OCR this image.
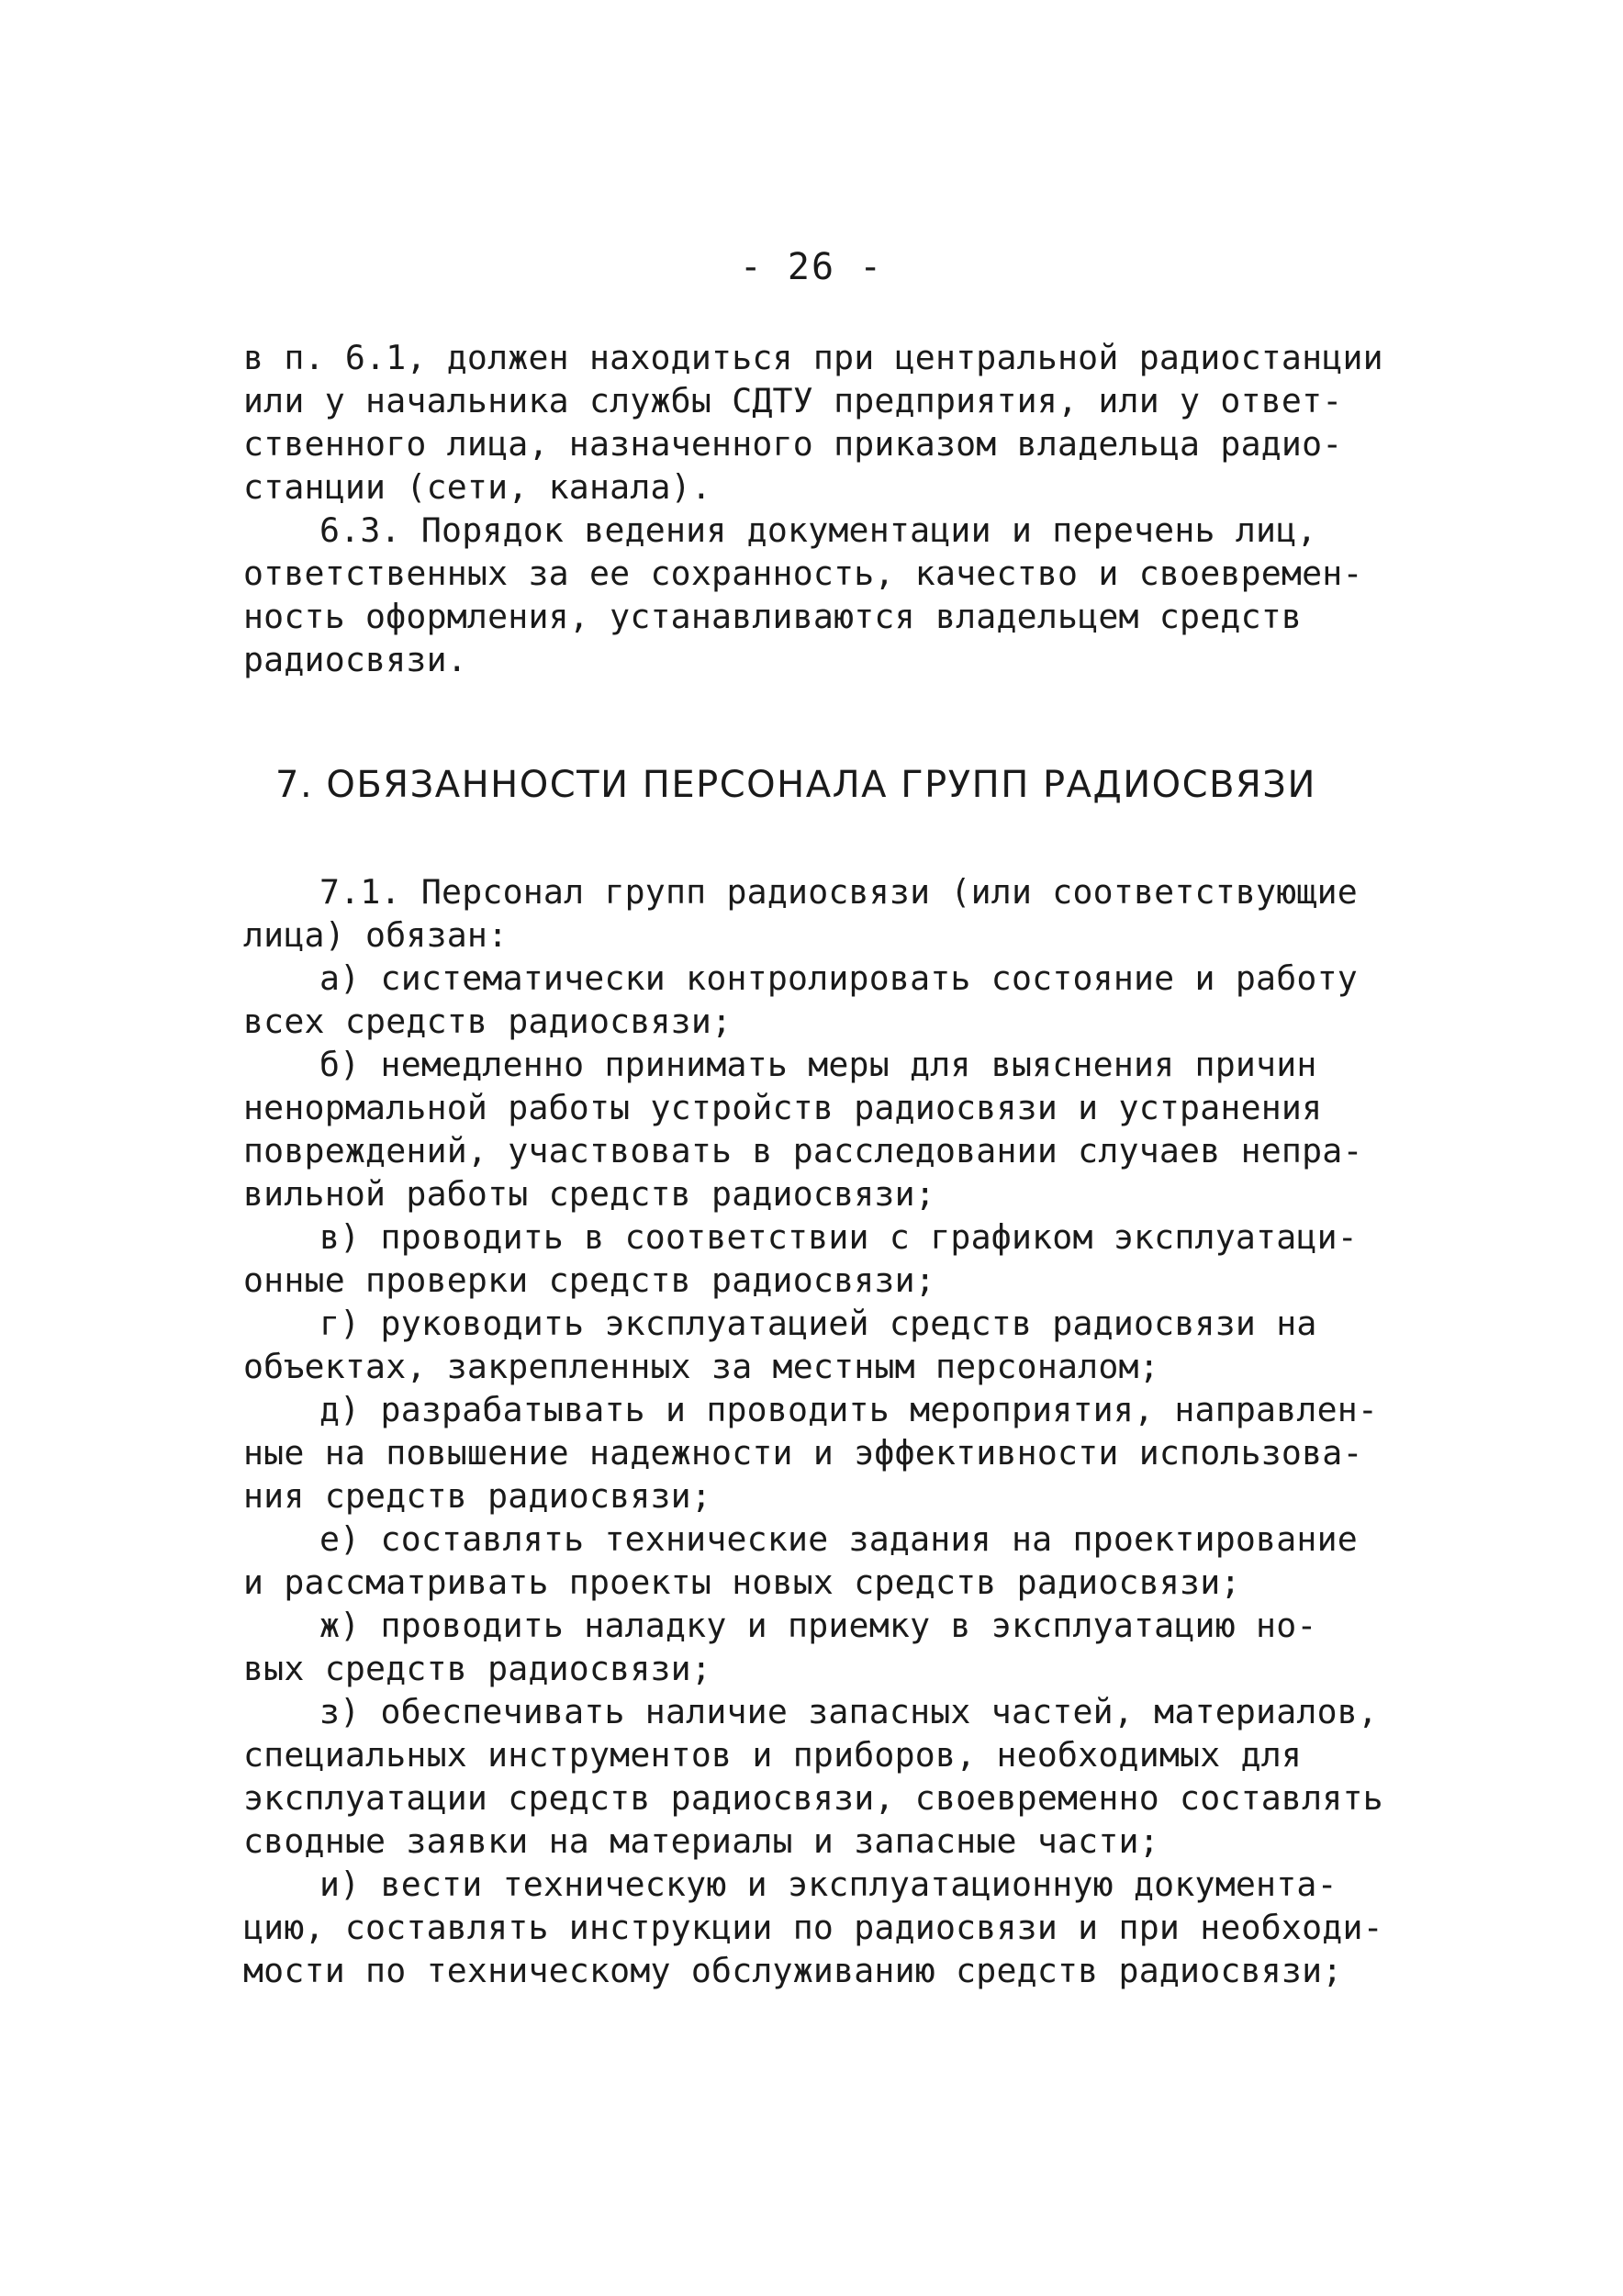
- 26 -
в п. 6.1, должен находиться при центральной радиостанции
или у начальника службы СДТУ предприятия, или у ответ-
ственного лица, назначенного приказом владельца радио-
станции (сети, канала).
6.3. Порядок ведения документации и перечень лиц,
ответственных за ее сохранность, качество и своевремен-
ность оформления, устанавливаются владельцем средств
радиосвязи.
7. ОБЯЗАННОСТИ ПЕРСОНАЛА ГРУПП РАДИОСВЯЗИ
7.1. Персонал групп радиосвязи (или соответствующие
лица) обязан:
а) систематически контролировать состояние и работу
всех средств радиосвязи;
б) немедленно принимать меры для выяснения причин
ненормальной работы устройств радиосвязи и устранения
повреждений, участвовать в расследовании случаев непра-
вильной работы средств радиосвязи;
в) проводить в соответствии с графиком эксплуатаци-
онные проверки средств радиосвязи;
г) руководить эксплуатацией средств радиосвязи на
объектах, закрепленных за местным персоналом;
д) разрабатывать и проводить мероприятия, направлен-
ные на повышение надежности и эффективности использова-
ния средств радиосвязи;
е) составлять технические задания на проектирование
и рассматривать проекты новых средств радиосвязи;
ж) проводить наладку и приемку в эксплуатацию но-
вых средств радиосвязи;
з) обеспечивать наличие запасных частей, материалов,
специальных инструментов и приборов, необходимых для
эксплуатации средств радиосвязи, своевременно составлять
сводные заявки на материалы и запасные части;
и) вести техническую и эксплуатационную документа-
цию, составлять инструкции по радиосвязи и при необходи-
мости по техническому обслуживанию средств радиосвязи;
